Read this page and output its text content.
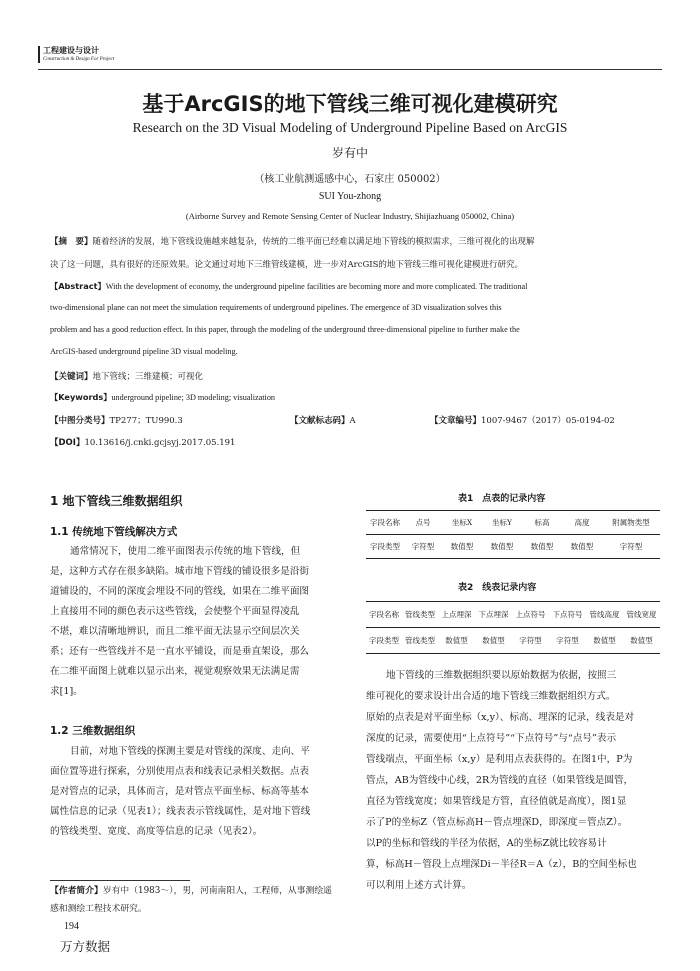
工程建设与设计
Construction & Design For Project
基于ArcGIS的地下管线三维可视化建模研究
Research on the 3D Visual Modeling of Underground Pipeline Based on ArcGIS
岁有中
（核工业航测遥感中心，石家庄 050002）
SUI You-zhong
(Airborne Survey and Remote Sensing Center of Nuclear Industry, Shijiazhuang 050002, China)
【摘　要】随着经济的发展，地下管线设施越来越复杂，传统的二维平面已经难以满足地下管线的模拟需求，三维可视化的出现解
决了这一问题，具有很好的还原效果。论文通过对地下三维管线建模，进一步对ArcGIS的地下管线三维可视化建模进行研究。
【Abstract】With the development of economy, the underground pipeline facilities are becoming more and more complicated. The traditional
two-dimensional plane can not meet the simulation requirements of underground pipelines. The emergence of 3D visualization solves this
problem and has a good reduction effect. In this paper, through the modeling of the underground three-dimensional pipeline to further make the
ArcGIS-based underground pipeline 3D visual modeling.
【关键词】地下管线；三维建模；可视化
【Keywords】underground pipeline; 3D modeling; visualization
【中图分类号】TP277；TU990.3	【文献标志码】A	【文章编号】1007-9467（2017）05-0194-02
【DOI】10.13616/j.cnki.gcjsyj.2017.05.191
1 地下管线三维数据组织
1.1 传统地下管线解决方式
通常情况下，使用二维平面图表示传统的地下管线，但
是，这种方式存在很多缺陷。城市地下管线的铺设很多是沿街
道铺设的，不同的深度会埋设不同的管线，如果在二维平面图
上直接用不同的颜色表示这些管线，会使整个平面显得凌乱
不堪，难以清晰地辨识，而且二维平面无法显示空间层次关
系；还有一些管线并不是一直水平铺设，而是垂直架设，那么
在二维平面图上就难以显示出来，视觉观察效果无法满足需
求[1]。
1.2 三维数据组织
目前，对地下管线的探测主要是对管线的深度、走向、平
面位置等进行探索，分别使用点表和线表记录相关数据。点表
是对管点的记录，具体而言，是对管点平面坐标、标高等基本
属性信息的记录（见表1）；线表表示管线属性，是对地下管线
的管线类型、宽度、高度等信息的记录（见表2）。
表1　点表的记录内容
字段名称	点号	坐标X	坐标Y	标高	高度	附属物类型
字段类型	字符型	数值型	数值型	数值型	数值型	字符型
表2　线表记录内容
字段名称	管线类型	上点埋深	下点埋深	上点符号	下点符号	管线高度	管线宽度
字段类型	管线类型	数值型	数值型	字符型	字符型	数值型	数值型
地下管线的三维数据组织要以原始数据为依据，按照三
维可视化的要求设计出合适的地下管线三维数据组织方式。
原始的点表是对平面坐标（x,y）、标高、埋深的记录，线表是对
深度的记录，需要使用“上点符号”“下点符号”与“点号”表示
管线端点，平面坐标（x,y）是利用点表获得的。在图1中，P为
管点，AB为管线中心线，2R为管线的直径（如果管线是圆管，
直径为管线宽度；如果管线是方管，直径值就是高度），图1显
示了P的坐标Z（管点标高H－管点埋深D，即深度＝管点Z）。
以P的坐标和管线的半径为依据，A的坐标Z就比较容易计
算，标高H－管段上点埋深Di－半径R＝A（z），B的空间坐标也
可以利用上述方式计算。
【作者简介】岁有中（1983～），男，河南南阳人，工程师，从事测绘遥
感和测绘工程技术研究。
194
万方数据
